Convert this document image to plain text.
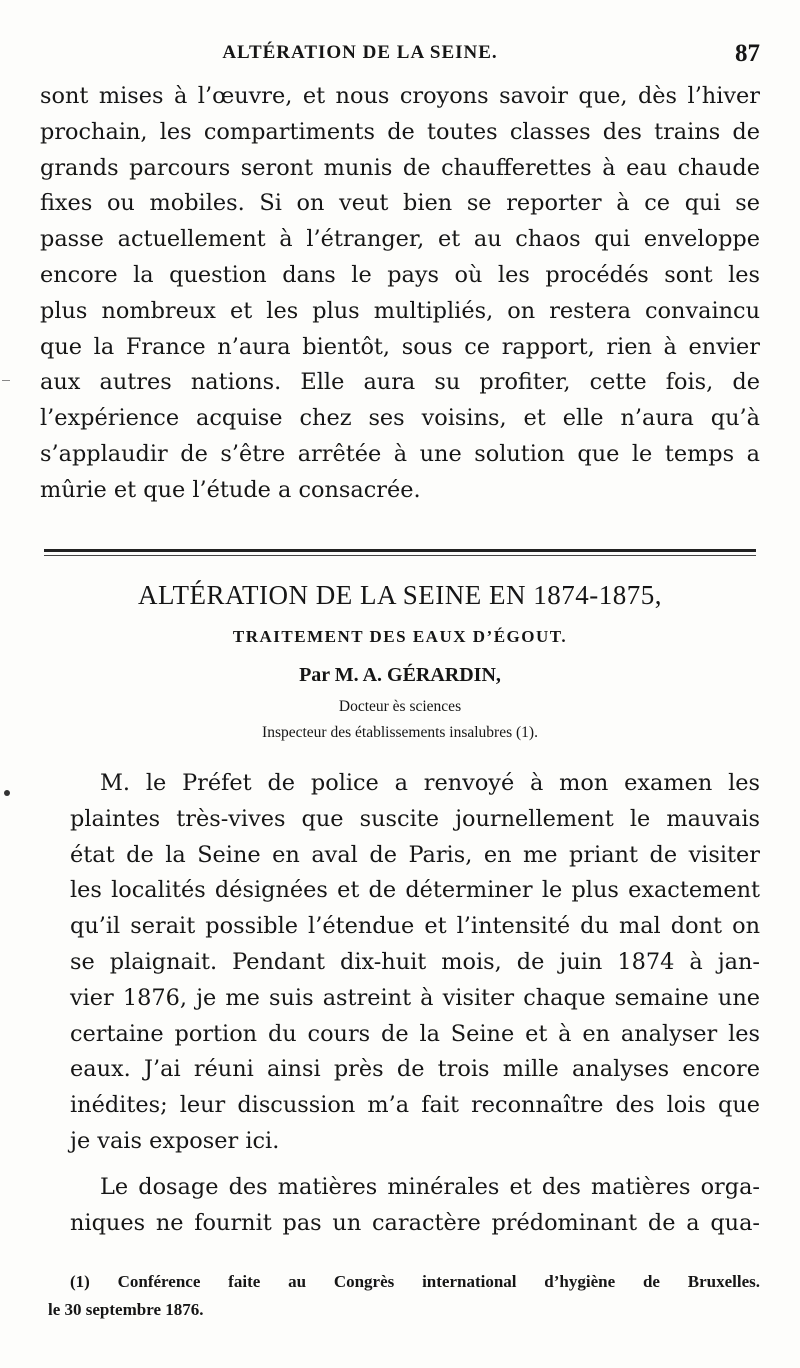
ALTÉRATION DE LA SEINE.	87
sont mises à l’œuvre, et nous croyons savoir que, dès l’hiver
prochain, les compartiments de toutes classes des trains de
grands parcours seront munis de chaufferettes à eau chaude
fixes ou mobiles. Si on veut bien se reporter à ce qui se
passe actuellement à l’étranger, et au chaos qui enveloppe
encore la question dans le pays où les procédés sont les
plus nombreux et les plus multipliés, on restera convaincu
que la France n’aura bientôt, sous ce rapport, rien à envier
aux autres nations. Elle aura su profiter, cette fois, de
l’expérience acquise chez ses voisins, et elle n’aura qu’à
s’applaudir de s’être arrêtée à une solution que le temps a
mûrie et que l’étude a consacrée.
ALTÉRATION DE LA SEINE EN 1874-1875,
TRAITEMENT DES EAUX D’ÉGOUT.
Par M. A. GÉRARDIN,
Docteur ès sciences
Inspecteur des établissements insalubres (1).
M. le Préfet de police a renvoyé à mon examen les
plaintes très-vives que suscite journellement le mauvais
état de la Seine en aval de Paris, en me priant de visiter
les localités désignées et de déterminer le plus exactement
qu’il serait possible l’étendue et l’intensité du mal dont on
se plaignait. Pendant dix-huit mois, de juin 1874 à jan-
vier 1876, je me suis astreint à visiter chaque semaine une
certaine portion du cours de la Seine et à en analyser les
eaux. J’ai réuni ainsi près de trois mille analyses encore
inédites; leur discussion m’a fait reconnaître des lois que
je vais exposer ici.
Le dosage des matières minérales et des matières orga-
niques ne fournit pas un caractère prédominant de a qua-
(1) Conférence faite au Congrès international d’hygiène de Bruxelles.
le 30 septembre 1876.
